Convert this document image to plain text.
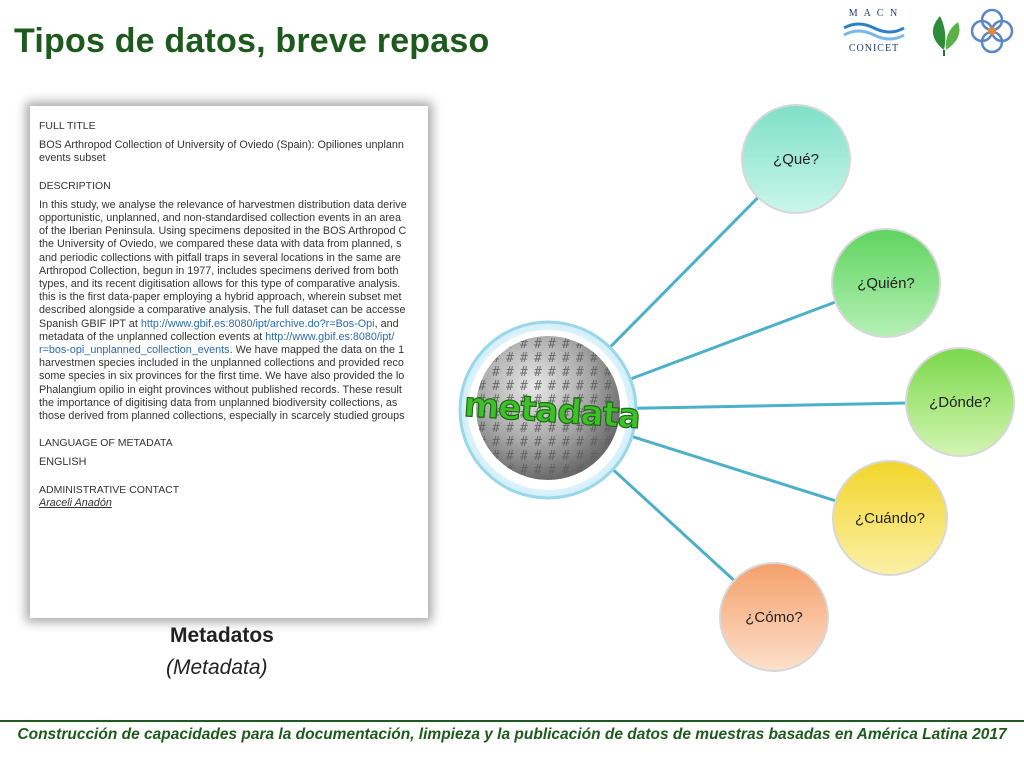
Tipos de datos, breve repaso
M A C N
CONICET
FULL TITLE
BOS Arthropod Collection of University of Oviedo (Spain): Opiliones unplann
events subset
DESCRIPTION
In this study, we analyse the relevance of harvestmen distribution data derive
opportunistic, unplanned, and non-standardised collection events in an area
of the Iberian Peninsula. Using specimens deposited in the BOS Arthropod C
the University of Oviedo, we compared these data with data from planned, s
and periodic collections with pitfall traps in several locations in the same are
Arthropod Collection, begun in 1977, includes specimens derived from both
types, and its recent digitisation allows for this type of comparative analysis.
this is the first data-paper employing a hybrid approach, wherein subset met
described alongside a comparative analysis. The full dataset can be accesse
Spanish GBIF IPT at http://www.gbif.es:8080/ipt/archive.do?r=Bos-Opi, and
metadata of the unplanned collection events at http://www.gbif.es:8080/ipt/
r=bos-opi_unplanned_collection_events. We have mapped the data on the 1
harvestmen species included in the unplanned collections and provided reco
some species in six provinces for the first time. We have also provided the lo
Phalangium opilio in eight provinces without published records. These result
the importance of digitising data from unplanned biodiversity collections, as
those derived from planned collections, especially in scarcely studied groups
LANGUAGE OF METADATA
ENGLISH
ADMINISTRATIVE CONTACT
Araceli Anadón
Metadatos
(Metadata)
metadata
¿Qué?
¿Quién?
¿Dónde?
¿Cuándo?
¿Cómo?
Construcción de capacidades para la documentación, limpieza y la publicación de datos de muestras basadas en América Latina 2017
